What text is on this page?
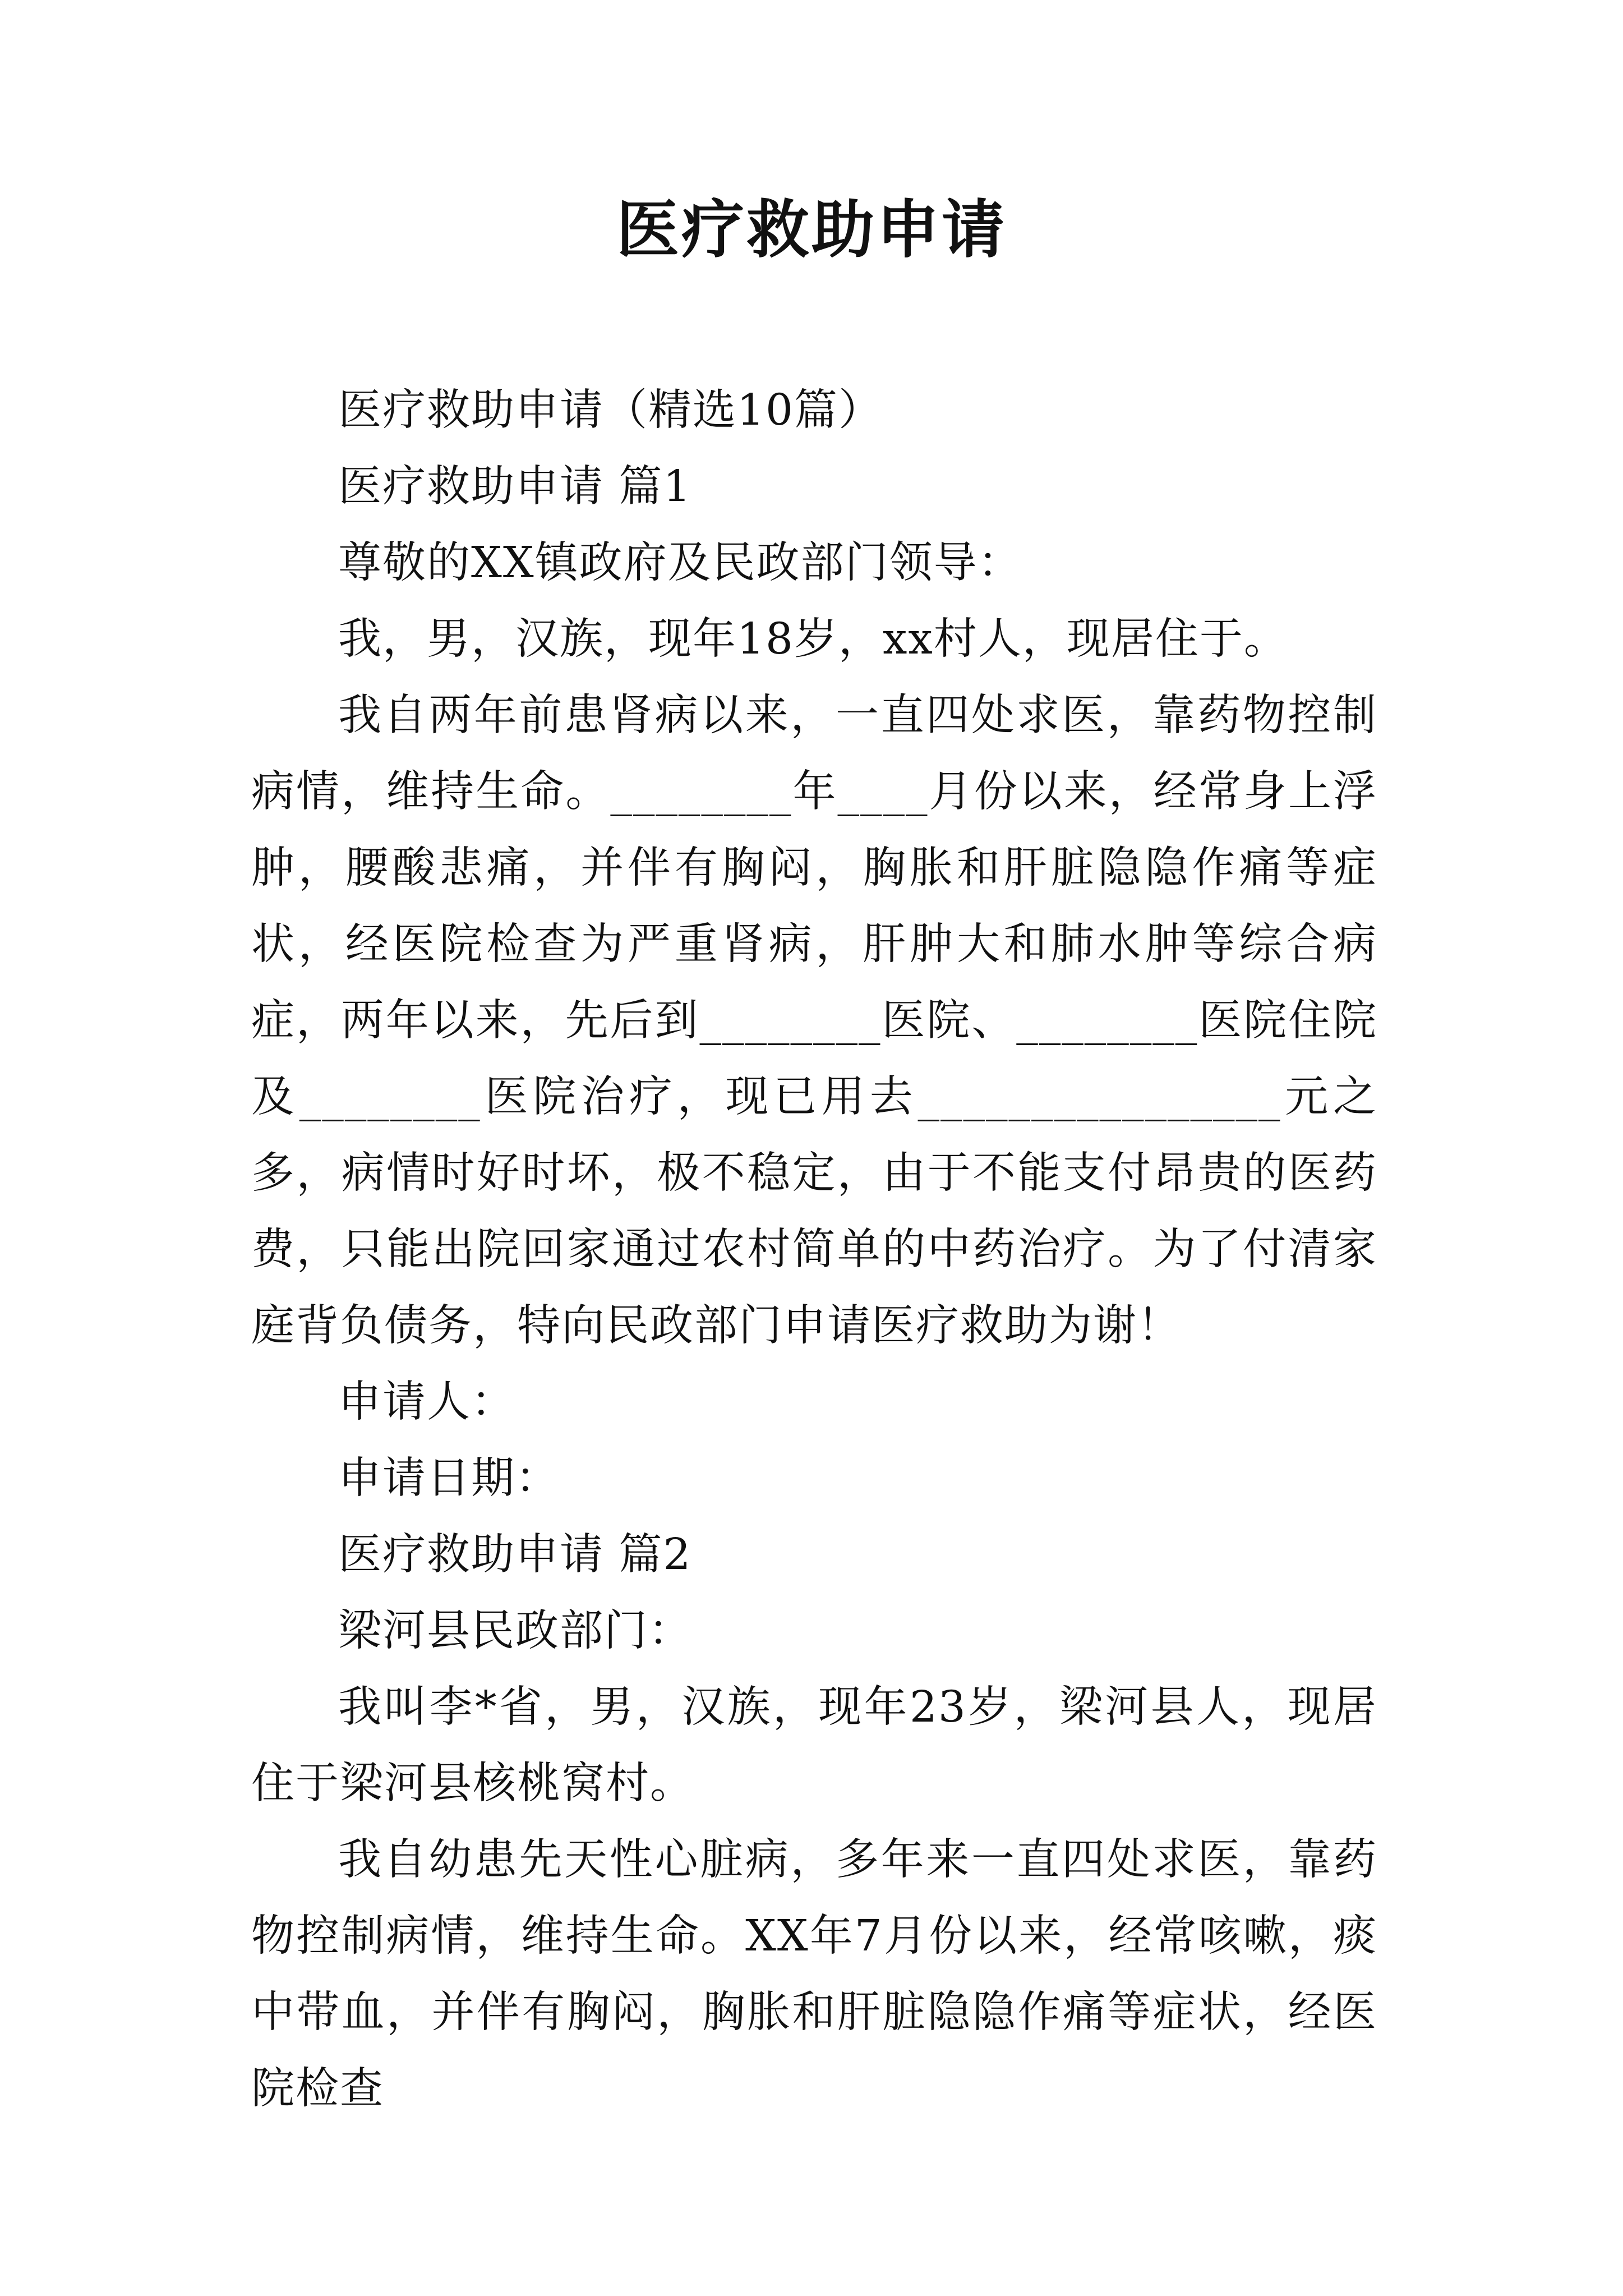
医疗救助申请

医疗救助申请（精选10篇）

医疗救助申请 篇1

尊敬的XX镇政府及民政部门领导：

我，男，汉族，现年18岁，xx村人，现居住于。

我自两年前患肾病以来，一直四处求医，靠药物控制病情，维持生命。________年____月份以来，经常身上浮肿，腰酸悲痛，并伴有胸闷，胸胀和肝脏隐隐作痛等症状，经医院检查为严重肾病，肝肿大和肺水肿等综合病症，两年以来，先后到________医院、________医院住院及________医院治疗，现已用去________________元之多，病情时好时坏，极不稳定，由于不能支付昂贵的医药费，只能出院回家通过农村简单的中药治疗。为了付清家庭背负债务，特向民政部门申请医疗救助为谢！

申请人：

申请日期：

医疗救助申请 篇2

梁河县民政部门：

我叫李*省，男，汉族，现年23岁，梁河县人，现居住于梁河县核桃窝村。

我自幼患先天性心脏病，多年来一直四处求医，靠药物控制病情，维持生命。XX年7月份以来，经常咳嗽，痰中带血，并伴有胸闷，胸胀和肝脏隐隐作痛等症状，经医院检查
